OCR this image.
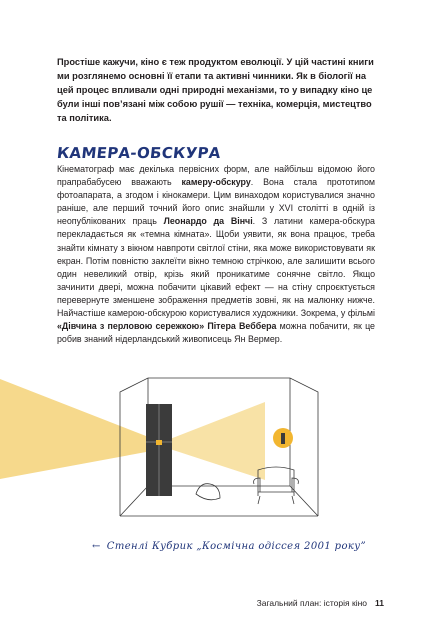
Простіше кажучи, кіно є теж продуктом еволюції. У цій частині книги ми розглянемо основні її етапи та активні чинники. Як в біології на цей процес впливали одні природні механізми, то у випадку кіно це були інші пов’язані між собою рушії — техніка, комерція, мистецтво та політика.

КАМЕРА-ОБСКУРА

Кінематограф має декілька первісних форм, але найбільш відомою його прапрабабусею вважають камеру-обскуру. Вона стала прототипом фотоапарата, а згодом і кінокамери. Цим винаходом користувалися значно раніше, але перший точний його опис знайшли у XVI столітті в одній із неопублікованих праць Леонардо да Вінчі. З латини камера-обскура перекладається як «темна кімната». Щоби уявити, як вона працює, треба знайти кімнату з вікном навпроти світлої стіни, яка може використовувати як екран. Потім повністю заклеїти вікно темною стрічкою, але залишити всього один невеликий отвір, крізь який проникатиме сонячне світло. Якщо зачинити двері, можна побачити цікавий ефект — на стіну спроєктується перевернуте зменшене зображення предметів зовні, як на малюнку нижче. Найчастіше камерою-обскурою користувалися художники. Зокрема, у фільмі «Дівчина з перловою сережкою» Пітера Веббера можна побачити, як це робив знаний нідерландський живописець Ян Вермер.

← Стенлі Кубрик „Космічна одіссея 2001 року”
Загальний план: історія кіно 11
